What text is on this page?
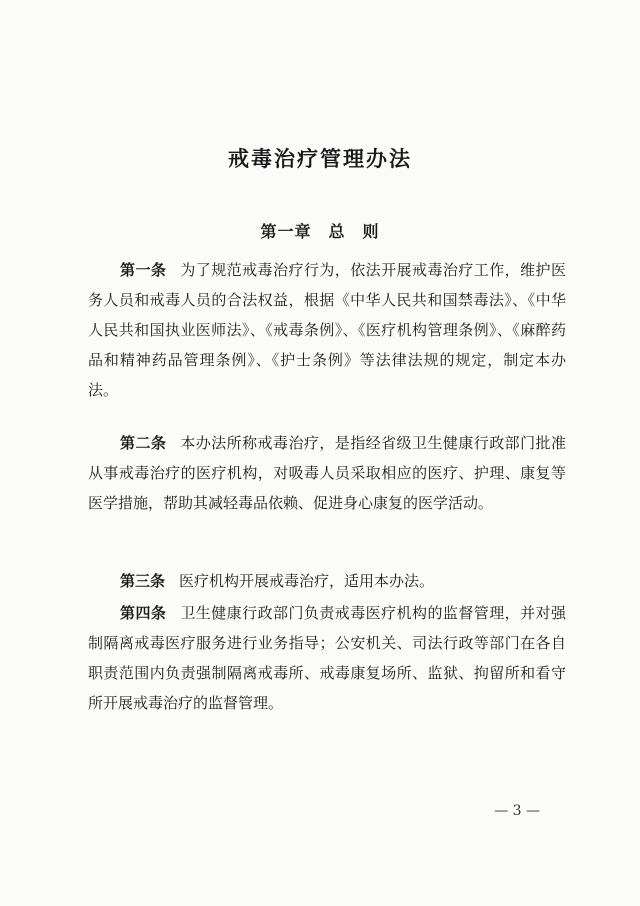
戒毒治疗管理办法
第一章　总　则

第一条 为了规范戒毒治疗行为，依法开展戒毒治疗工作，维护医务人员和戒毒人员的合法权益，根据《中华人民共和国禁毒法》、《中华人民共和国执业医师法》、《戒毒条例》、《医疗机构管理条例》、《麻醉药品和精神药品管理条例》、《护士条例》等法律法规的规定，制定本办法。

第二条 本办法所称戒毒治疗，是指经省级卫生健康行政部门批准从事戒毒治疗的医疗机构，对吸毒人员采取相应的医疗、护理、康复等医学措施，帮助其减轻毒品依赖、促进身心康复的医学活动。

第三条 医疗机构开展戒毒治疗，适用本办法。

第四条 卫生健康行政部门负责戒毒医疗机构的监督管理，并对强制隔离戒毒医疗服务进行业务指导；公安机关、司法行政等部门在各自职责范围内负责强制隔离戒毒所、戒毒康复场所、监狱、拘留所和看守所开展戒毒治疗的监督管理。

— 3 —
